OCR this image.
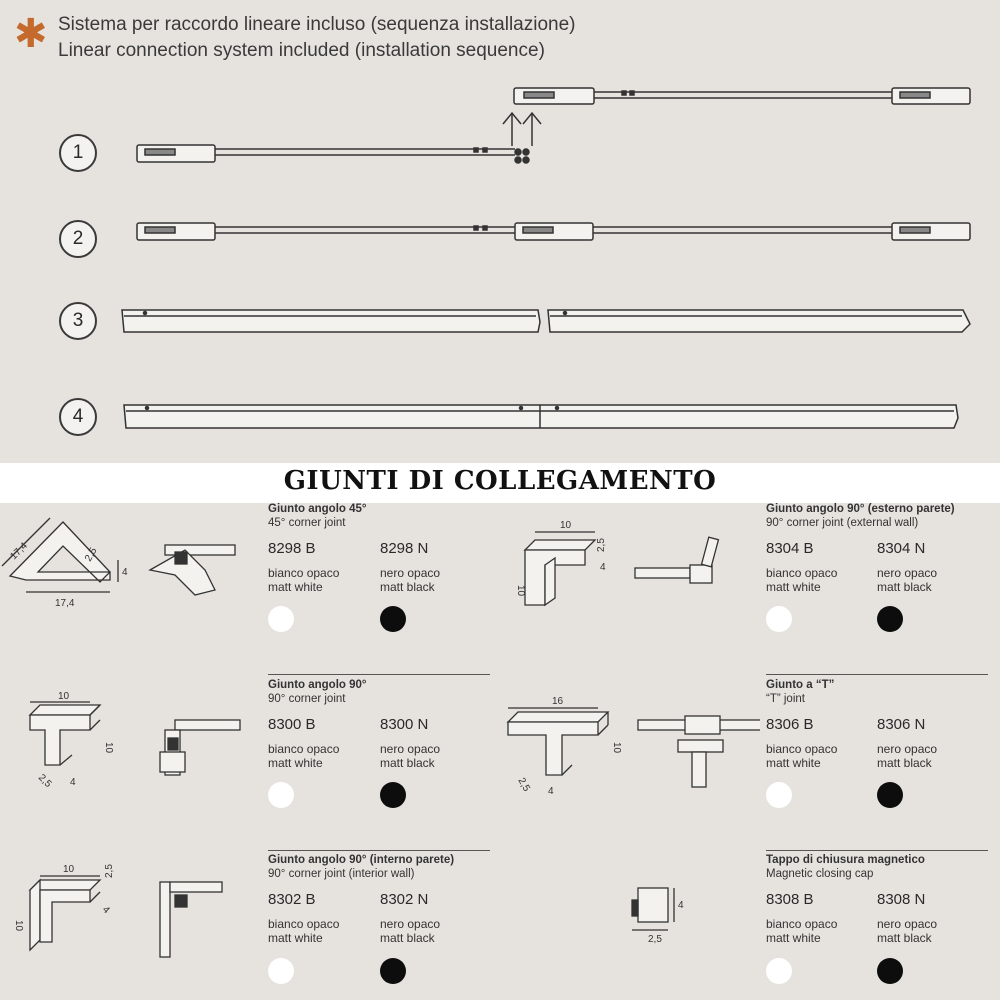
✱ Sistema per raccordo lineare incluso (sequenza installazione)
Linear connection system included (installation sequence)
1
2
3
4
GIUNTI DI COLLEGAMENTO
17,4	2,5
4
17,4
Giunto angolo 45°
45° corner joint
8298 B	8298 N
bianco opaco
matt white
nero opaco
matt black
10
2,5
4
10
Giunto angolo 90° (esterno parete)
90° corner joint (external wall)
8304 B	8304 N
bianco opaco
matt white
nero opaco
matt black
10
10
2,5 4
Giunto angolo 90°
90° corner joint
8300 B	8300 N
bianco opaco
matt white
nero opaco
matt black
16
10
2,5 4
Giunto a “T”
“T” joint
8306 B	8306 N
bianco opaco
matt white
nero opaco
matt black
10	2,5
4
10
Giunto angolo 90° (interno parete)
90° corner joint (interior wall)
8302 B	8302 N
bianco opaco
matt white
nero opaco
matt black
4
2,5
Tappo di chiusura magnetico
Magnetic closing cap
8308 B	8308 N
bianco opaco
matt white
nero opaco
matt black
